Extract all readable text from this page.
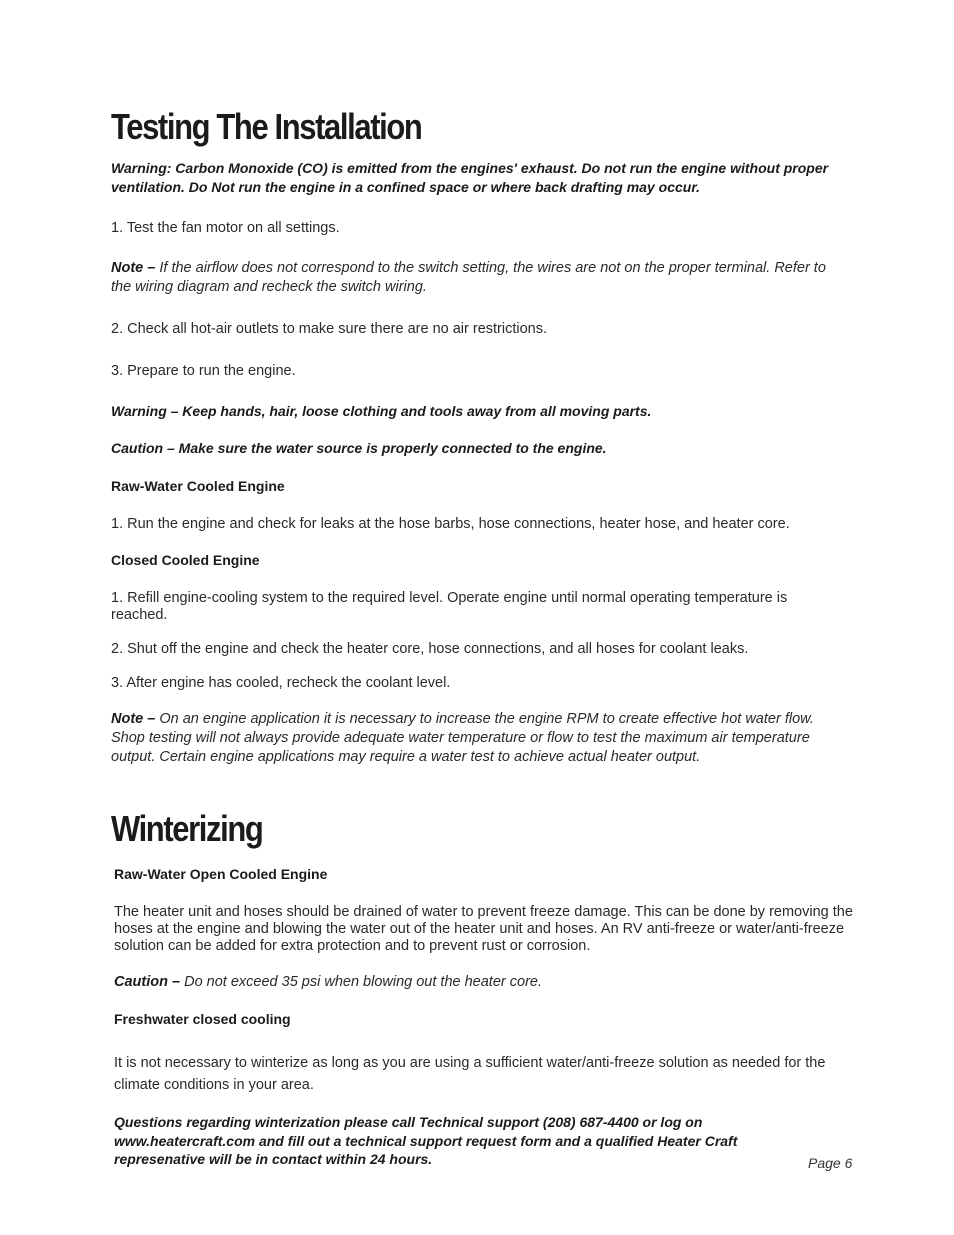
Testing The Installation

Warning: Carbon Monoxide (CO) is emitted from the engines' exhaust. Do not run the engine without proper ventilation. Do Not run the engine in a confined space or where back drafting may occur.

1. Test the fan motor on all settings.

Note – If the airflow does not correspond to the switch setting, the wires are not on the proper terminal. Refer to the wiring diagram and recheck the switch wiring.

2. Check all hot-air outlets to make sure there are no air restrictions.

3. Prepare to run the engine.

Warning – Keep hands, hair, loose clothing and tools away from all moving parts.

Caution – Make sure the water source is properly connected to the engine.

Raw-Water Cooled Engine

1. Run the engine and check for leaks at the hose barbs, hose connections, heater hose, and heater core.

Closed Cooled Engine

1. Refill engine-cooling system to the required level. Operate engine until normal operating temperature is reached.

2. Shut off the engine and check the heater core, hose connections, and all hoses for coolant leaks.

3. After engine has cooled, recheck the coolant level.

Note – On an engine application it is necessary to increase the engine RPM to create effective hot water flow. Shop testing will not always provide adequate water temperature or flow to test the maximum air temperature output. Certain engine applications may require a water test to achieve actual heater output.

Winterizing

Raw-Water Open Cooled Engine

The heater unit and hoses should be drained of water to prevent freeze damage. This can be done by removing the hoses at the engine and blowing the water out of the heater unit and hoses. An RV anti-freeze or water/anti-freeze solution can be added for extra protection and to prevent rust or corrosion.

Caution – Do not exceed 35 psi when blowing out the heater core.

Freshwater closed cooling

It is not necessary to winterize as long as you are using a sufficient water/anti-freeze solution as needed for the climate conditions in your area.

Questions regarding winterization please call Technical support (208) 687-4400 or log on www.heatercraft.com and fill out a technical support request form and a qualified Heater Craft represenative will be in contact within 24 hours.	Page 6
